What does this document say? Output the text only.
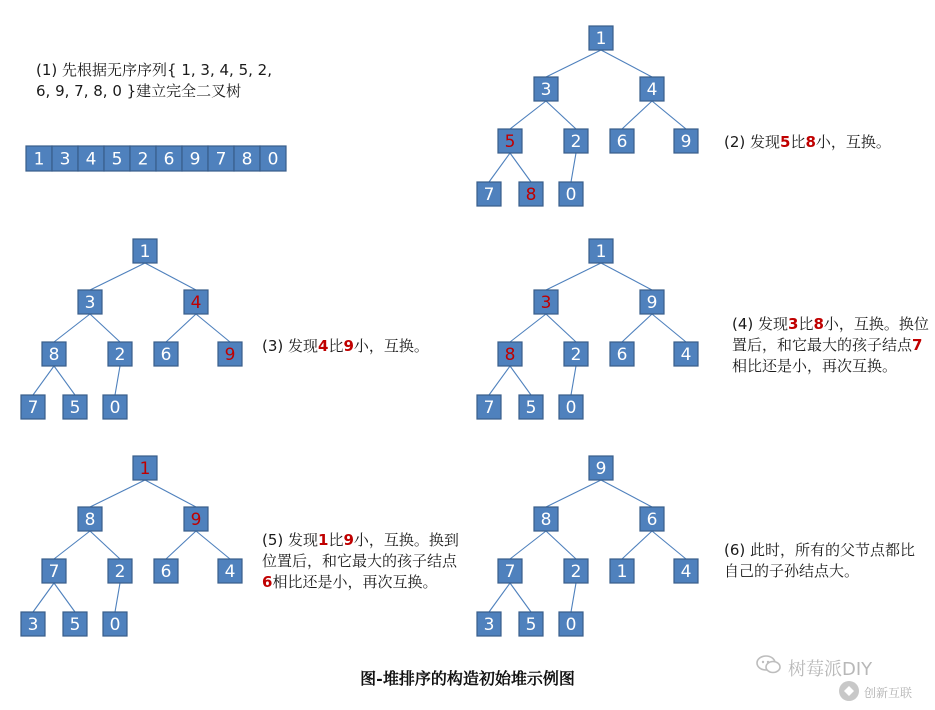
1 3 4 5 2 6 9 7 8 0
1
3	4
5	2 6	9
7 8 0
1
3	4
8	2 6	9
7 5 0
1
3	9
8	2 6	4
7 5 0
1
8	9
7	2 6	4
3 5 0
9
8	6
7	2 1	4
3 5 0
(1) 先根据无序序列{ 1, 3, 4, 5, 2, 6, 9, 7, 8, 0 }建立完全二叉树
(2) 发现5比8小，互换。
(3) 发现4比9小，互换。
(4) 发现3比8小，互换。换位置后，和它最大的孩子结点7相比还是小，再次互换。
(5) 发现1比9小，互换。换到位置后，和它最大的孩子结点6相比还是小，再次互换。
(6) 此时，所有的父节点都比自己的子孙结点大。
图-堆排序的构造初始堆示例图	树莓派DIY
创新互联
